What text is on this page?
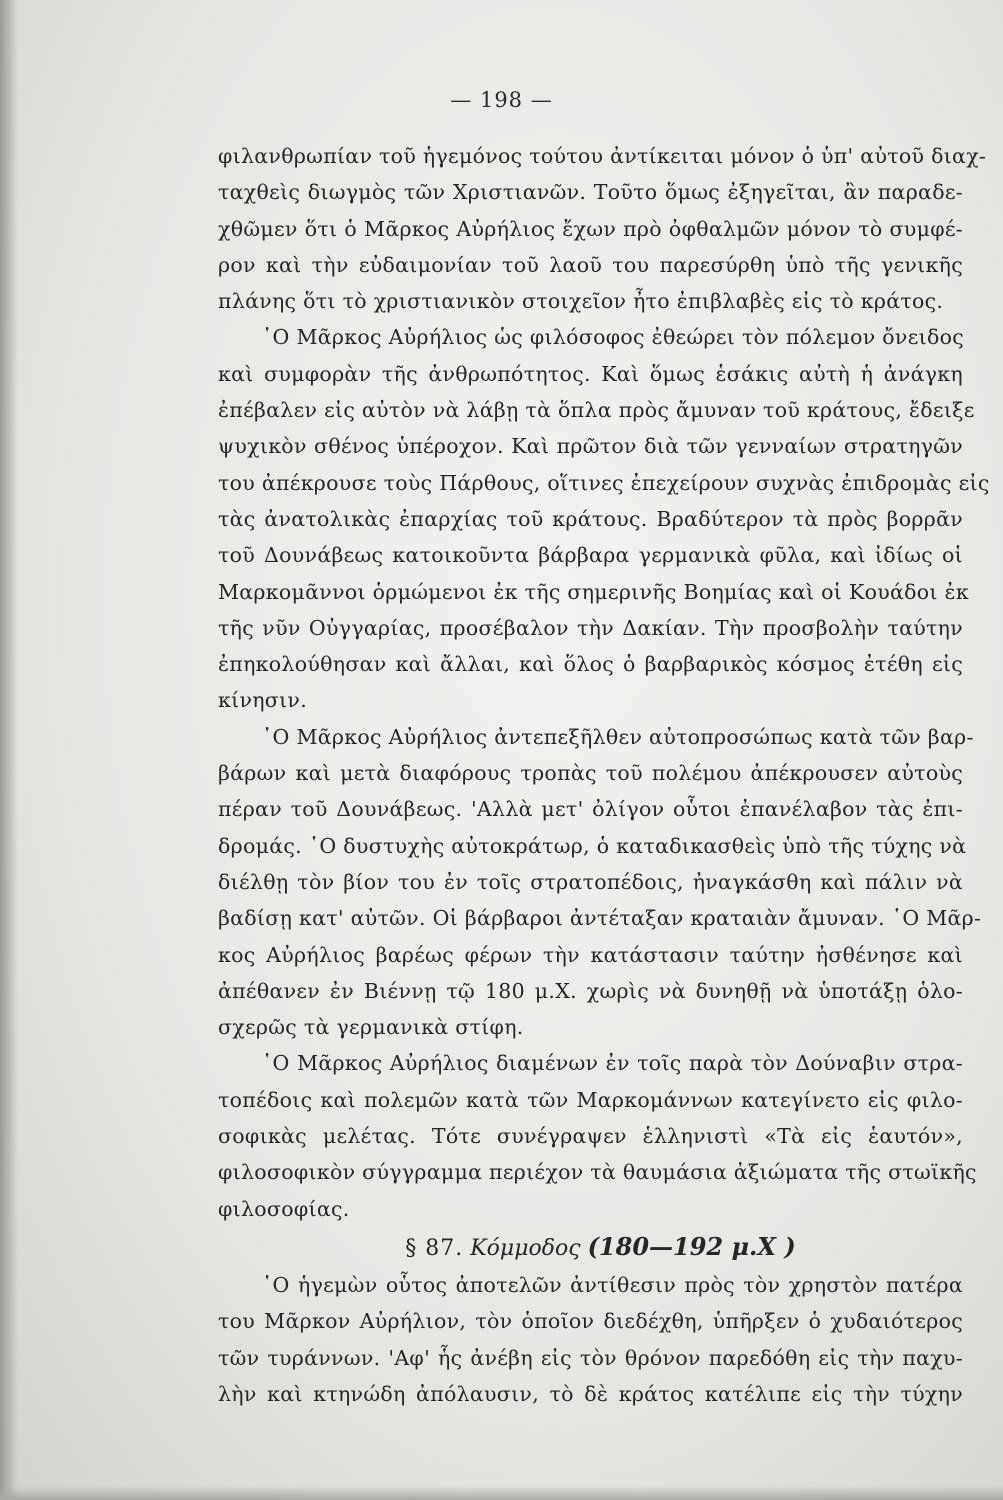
— 198 —
φιλανθρωπίαν τοῦ ἡγεμόνος τούτου ἀντίκειται μόνον ὁ ὑπ' αὐτοῦ διαχ-
ταχθεὶς διωγμὸς τῶν Χριστιανῶν. Τοῦτο ὅμως ἐξηγεῖται, ἂν παραδε-
χθῶμεν ὅτι ὁ Μᾶρκος Αὐρήλιος ἔχων πρὸ ὀφθαλμῶν μόνον τὸ συμφέ-
ρον καὶ τὴν εὐδαιμονίαν τοῦ λαοῦ του παρεσύρθη ὑπὸ τῆς γενικῆς
πλάνης ὅτι τὸ χριστιανικὸν στοιχεῖον ἦτο ἐπιβλαβὲς εἰς τὸ κράτος.
῾Ο Μᾶρκος Αὐρήλιος ὡς φιλόσοφος ἐθεώρει τὸν πόλεμον ὄνειδος
καὶ συμφορὰν τῆς ἀνθρωπότητος. Καὶ ὅμως ἑσάκις αὐτὴ ἡ ἀνάγκη
ἐπέβαλεν εἰς αὐτὸν νὰ λάβῃ τὰ ὅπλα πρὸς ἄμυναν τοῦ κράτους, ἔδειξε
ψυχικὸν σθένος ὑπέροχον. Καὶ πρῶτον διὰ τῶν γενναίων στρατηγῶν
του ἀπέκρουσε τοὺς Πάρθους, οἵτινες ἐπεχείρουν συχνὰς ἐπιδρομὰς εἰς
τὰς ἀνατολικὰς ἐπαρχίας τοῦ κράτους. Βραδύτερον τὰ πρὸς βορρᾶν
τοῦ Δουνάβεως κατοικοῦντα βάρβαρα γερμανικὰ φῦλα, καὶ ἰδίως οἱ
Μαρκομᾶννοι ὁρμώμενοι ἐκ τῆς σημερινῆς Βοημίας καὶ οἱ Κουάδοι ἐκ
τῆς νῦν Οὐγγαρίας, προσέβαλον τὴν Δακίαν. Τὴν προσβολὴν ταύτην
ἐπηκολούθησαν καὶ ἄλλαι, καὶ ὅλος ὁ βαρβαρικὸς κόσμος ἐτέθη εἰς
κίνησιν.
῾Ο Μᾶρκος Αὐρήλιος ἀντεπεξῆλθεν αὐτοπροσώπως κατὰ τῶν βαρ-
βάρων καὶ μετὰ διαφόρους τροπὰς τοῦ πολέμου ἀπέκρουσεν αὐτοὺς
πέραν τοῦ Δουνάβεως. 'Αλλὰ μετ' ὀλίγον οὗτοι ἐπανέλαβον τὰς ἐπι-
δρομάς. ῾Ο δυστυχὴς αὐτοκράτωρ, ὁ καταδικασθεὶς ὑπὸ τῆς τύχης νὰ
διέλθῃ τὸν βίον του ἐν τοῖς στρατοπέδοις, ἠναγκάσθη καὶ πάλιν νὰ
βαδίσῃ κατ' αὐτῶν. Οἱ βάρβαροι ἀντέταξαν κραταιὰν ἄμυναν. ῾Ο Μᾶρ-
κος Αὐρήλιος βαρέως φέρων τὴν κατάστασιν ταύτην ἠσθένησε καὶ
ἀπέθανεν ἐν Βιέννῃ τῷ 180 μ.Χ. χωρὶς νὰ δυνηθῇ νὰ ὑποτάξῃ ὁλο-
σχερῶς τὰ γερμανικὰ στίφη.
῾Ο Μᾶρκος Αὐρήλιος διαμένων ἐν τοῖς παρὰ τὸν Δούναβιν στρα-
τοπέδοις καὶ πολεμῶν κατὰ τῶν Μαρκομάννων κατεγίνετο εἰς φιλο-
σοφικὰς μελέτας. Τότε συνέγραψεν ἑλληνιστὶ «Τὰ εἰς ἑαυτόν»,
φιλοσοφικὸν σύγγραμμα περιέχον τὰ θαυμάσια ἀξιώματα τῆς στωϊκῆς
φιλοσοφίας.
§ 87. Κόμμοδος (180—192 μ.Χ )
῾Ο ἡγεμὼν οὗτος ἀποτελῶν ἀντίθεσιν πρὸς τὸν χρηστὸν πατέρα
του Μᾶρκον Αὐρήλιον, τὸν ὁποῖον διεδέχθη, ὑπῆρξεν ὁ χυδαιότερος
τῶν τυράννων. 'Αφ' ἧς ἀνέβη εἰς τὸν θρόνον παρεδόθη εἰς τὴν παχυ-
λὴν καὶ κτηνώδη ἀπόλαυσιν, τὸ δὲ κράτος κατέλιπε εἰς τὴν τύχην
